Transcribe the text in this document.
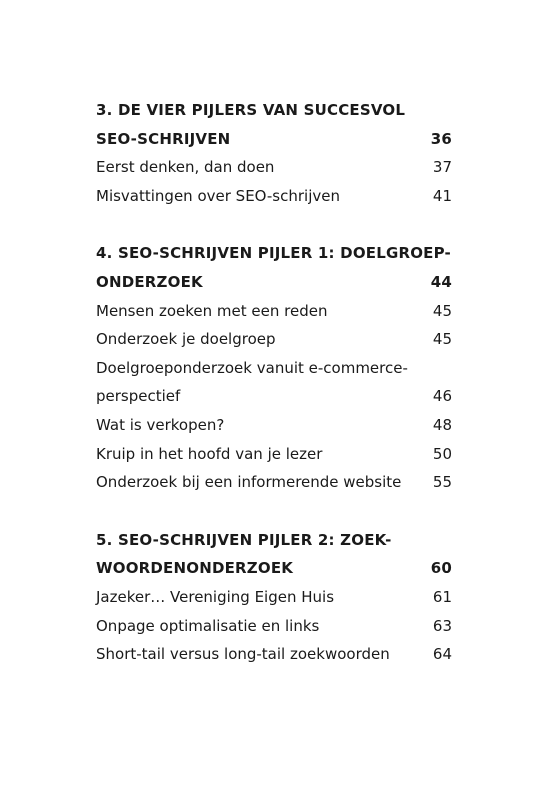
3. DE VIER PIJLERS VAN SUCCESVOL
SEO-SCHRIJVEN	36
Eerst denken, dan doen	37
Misvattingen over SEO-schrijven	41
4. SEO-SCHRIJVEN PIJLER 1: DOELGROEP-
ONDERZOEK	44
Mensen zoeken met een reden	45
Onderzoek je doelgroep	45
Doelgroeponderzoek vanuit e-commerce-
perspectief	46
Wat is verkopen?	48
Kruip in het hoofd van je lezer	50
Onderzoek bij een informerende website 55
5. SEO-SCHRIJVEN PIJLER 2: ZOEK-
WOORDENONDERZOEK	60
Jazeker… Vereniging Eigen Huis	61
Onpage optimalisatie en links	63
Short-tail versus long-tail zoekwoorden	64
